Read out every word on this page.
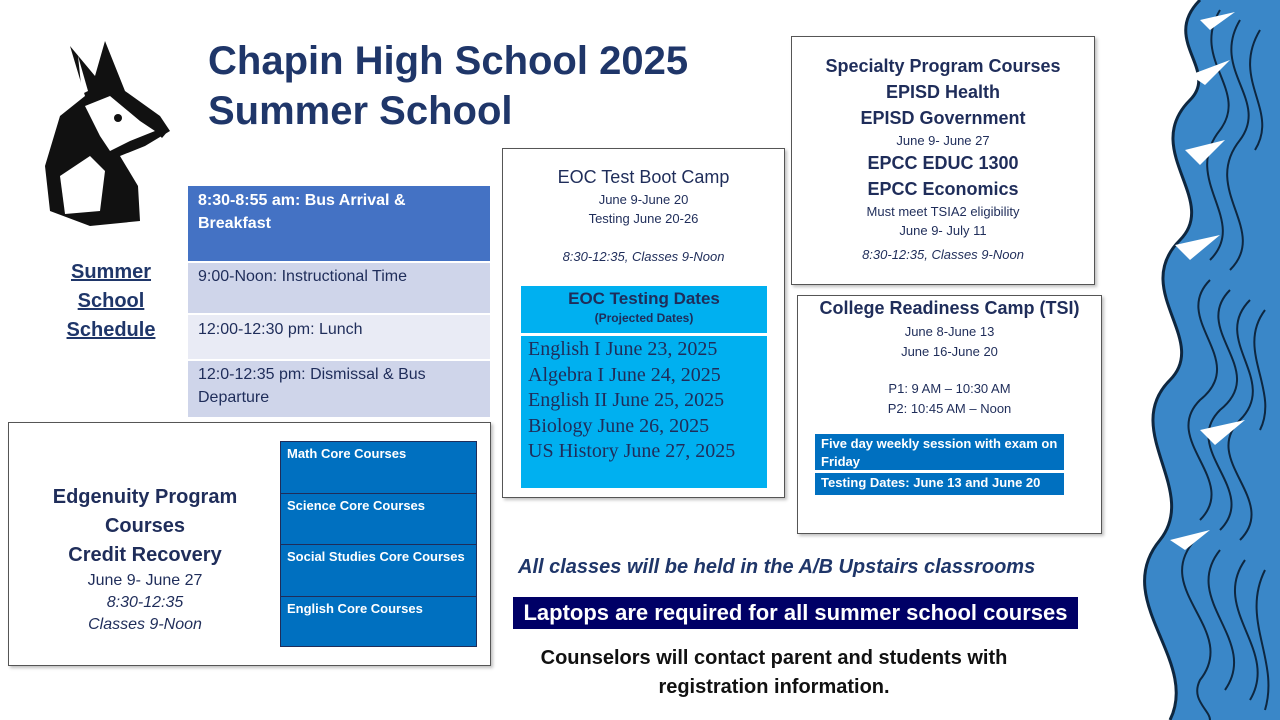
Chapin High School 2025
Summer School
Summer
School
Schedule
8:30-8:55 am: Bus Arrival & Breakfast
9:00-Noon: Instructional Time
12:00-12:30 pm: Lunch
12:0-12:35 pm: Dismissal & Bus Departure
EOC Test Boot Camp
June 9-June 20
Testing June 20-26
8:30-12:35, Classes 9-Noon
EOC Testing Dates
(Projected Dates)
English I June 23, 2025
Algebra I June 24, 2025
English II June 25, 2025
Biology June 26, 2025
US History June 27, 2025
Specialty Program Courses
EPISD Health
EPISD Government
June 9- June 27
EPCC EDUC 1300
EPCC Economics
Must meet TSIA2 eligibility
June 9- July 11
8:30-12:35, Classes 9-Noon
College Readiness Camp (TSI)
June 8-June 13
June 16-June 20
P1: 9 AM – 10:30 AM
P2: 10:45 AM – Noon
Five day weekly session with exam on Friday
Testing Dates: June 13 and June 20
Edgenuity Program
Courses
Credit Recovery
June 9- June 27
8:30-12:35
Classes 9-Noon
Math Core Courses
Science Core Courses
Social Studies Core Courses
English Core Courses
All classes will be held in the A/B Upstairs classrooms
Laptops are required for all summer school courses
Counselors will contact parent and students with registration information.
